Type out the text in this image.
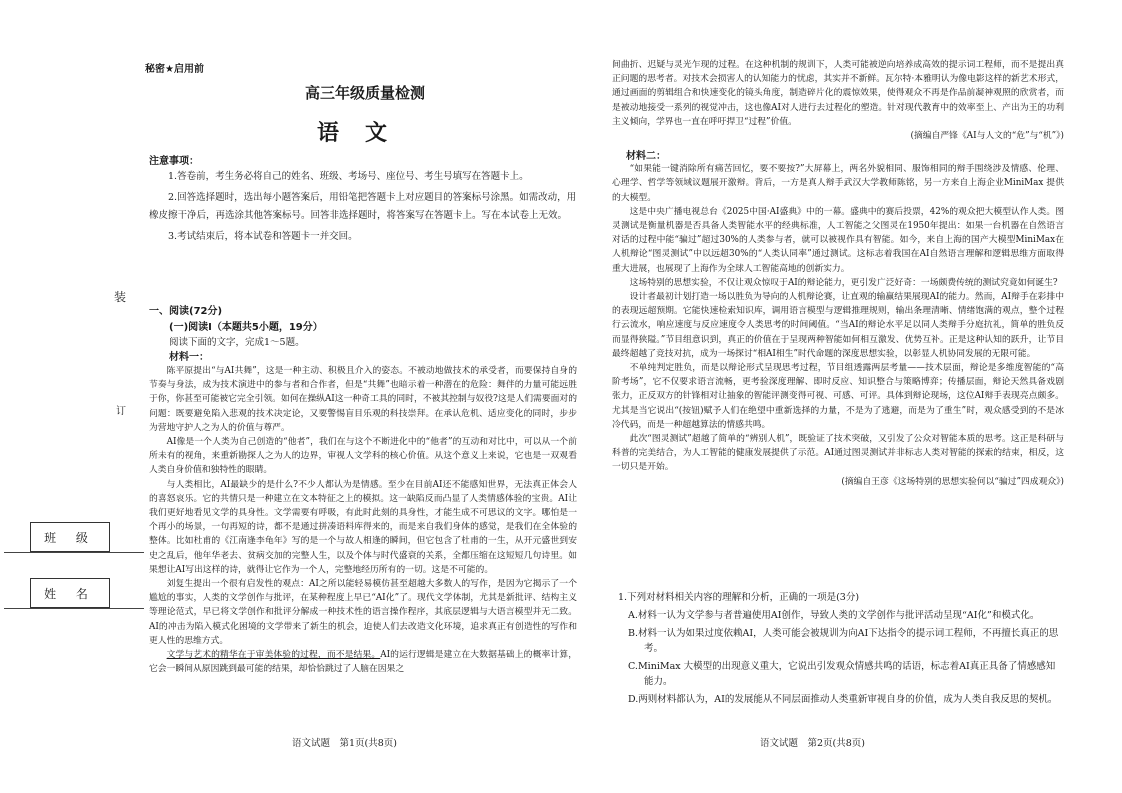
装
订
班 级
姓 名
秘密★启用前
高三年级质量检测
语文
注意事项：

1.答卷前，考生务必将自己的姓名、班级、考场号、座位号、考生号填写在答题卡上。

2.回答选择题时，选出每小题答案后，用铅笔把答题卡上对应题目的答案标号涂黑。如需改动，用橡皮擦干净后，再选涂其他答案标号。回答非选择题时，将答案写在答题卡上。写在本试卷上无效。

3.考试结束后，将本试卷和答题卡一并交回。

一、阅读(72分)
(一)阅读I（本题共5小题，19分）
阅读下面的文字，完成1～5题。
材料一：

陈平原提出“与AI共舞”，这是一种主动、积极且介入的姿态。不被动地做技术的承受者，而要保持自身的节奏与身法，成为技术演进中的参与者和合作者，但是“共舞”也暗示着一种潜在的危险：舞伴的力量可能远胜于你，你甚至可能被它完全引领。如何在操纵AI这一种奇工具的同时，不被其控制与奴役?这是人们需要面对的问题：既要避免陷入悲观的技术决定论，又要警惕盲目乐观的科技崇拜。在承认危机、适应变化的同时，步步为营地守护人之为人的价值与尊严。

AI像是一个人类为自己创造的“他者”，我们在与这个不断进化中的“他者”的互动和对比中，可以从一个前所未有的视角，来重新勘探人之为人的边界，审视人文学科的核心价值。从这个意义上来说，它也是一双观看人类自身价值和独特性的眼睛。

与人类相比，AI最缺少的是什么?不少人都认为是情感。至少在目前AI还不能感知世界，无法真正体会人的喜怒哀乐。它的共情只是一种建立在文本特征之上的模拟。这一缺陷反而凸显了人类情感体验的宝贵。AI让我们更好地看见文学的具身性。文学需要有呼吸，有此时此刻的具身性，才能生成不可思议的文字。哪怕是一个再小的场景，一句再短的诗，都不是通过拼凑语料库得来的，而是来自我们身体的感觉，是我们在全体验的整体。比如杜甫的《江南逢李龟年》写的是一个与故人相逢的瞬间，但它包含了杜甫的一生，从开元盛世到安史之乱后，他年华老去、贫病交加的完整人生，以及个体与时代盛衰的关系，全都压缩在这短短几句诗里。如果想让AI写出这样的诗，就得让它作为一个人，完整地经历所有的一切。这是不可能的。

刘复生提出一个很有启发性的观点：AI之所以能轻易模仿甚至超越大多数人的写作，是因为它揭示了一个尴尬的事实，人类的文学创作与批评，在某种程度上早已“AI化”了。现代文学体制，尤其是新批评、结构主义等理论范式，早已将文学创作和批评分解成一种技术性的语言操作程序，其底层逻辑与大语言模型并无二致。AI的冲击为陷入模式化困境的文学带来了新生的机会，迫使人们去改造文化环境，追求真正有创造性的写作和更人性的思维方式。

文学与艺术的精华在于审美体验的过程，而不是结果。AI的运行逻辑是建立在大数据基础上的概率计算，它会一瞬间从原因跳到最可能的结果，却恰恰跳过了人脑在因果之

语文试题　第1页(共8页)

间曲折、迟疑与灵光乍现的过程。在这种机制的规训下，人类可能被逆向培养成高效的提示词工程师，而不是提出真正问题的思考者。对技术会损害人的认知能力的忧虑，其实并不新鲜。瓦尔特·本雅明认为像电影这样的新艺术形式，通过画面的剪辑组合和快速变化的镜头角度，制造碎片化的震惊效果，使得观众不再是作品前凝神观照的欣赏者，而是被动地接受一系列的视觉冲击，这也像AI对人进行去过程化的塑造。针对现代教育中的效率至上、产出为王的功利主义倾向，学界也一直在呼吁捍卫“过程”价值。

(摘编自严锋《AI与人文的“危”与“机”》)

材料二：

“如果能一键消除所有痛苦回忆，要不要按?”大屏幕上，两名外貌相同、服饰相同的辩手围绕涉及情感、伦理、心理学、哲学等领域议题展开激辩。背后，一方是真人辩手武汉大学教师陈铭，另一方来自上海企业MiniMax 提供的大模型。

这是中央广播电视总台《2025中国·AI盛典》中的一幕。盛典中的赛后投票，42%的观众把大模型认作人类。图灵测试是衡量机器是否具备人类智能水平的经典标准，人工智能之父图灵在1950年提出：如果一台机器在自然语言对话的过程中能“骗过”超过30%的人类参与者，就可以被视作具有智能。如今，来自上海的国产大模型MiniMax在人机辩论“图灵测试”中以远超30%的“人类认同率”通过测试。这标志着我国在AI自然语言理解和逻辑思维方面取得重大进展，也展现了上海作为全球人工智能高地的创新实力。

这场特别的思想实验，不仅让观众惊叹于AI的辩论能力，更引发广泛好奇：一场颇费传统的测试究竟如何诞生?

设计者最初计划打造一场以胜负为导向的人机辩论赛，让直观的输赢结果展现AI的能力。然而，AI辩手在彩排中的表现远超预期。它能快速检索知识库，调用语言模型与逻辑推理规则，输出条理清晰、情绪饱满的观点，整个过程行云流水，响应速度与反应速度令人类思考的时间阈值。“当AI的辩论水平足以同人类辩手分庭抗礼，简单的胜负反而显得狭隘。”节目组意识到，真正的价值在于呈现两种智能如何相互激发、优势互补。正是这种认知的跃升，让节目最终超越了竞技对抗，成为一场探讨“相AI相生”时代命题的深度思想实验，以彰显人机协同发展的无限可能。

不单纯判定胜负，而是以辩论形式呈现思考过程，节目组透露两层考量——技术层面，辩论是多维度智能的“高阶考场”，它不仅要求语言流畅，更考验深度理解、即时反应、知识整合与策略博弈；传播层面，辩论天然具备戏剧张力，正反双方的针锋相对让抽象的智能评测变得可视、可感、可评。具体到辩论现场，这位AI辩手表现亮点颇多。尤其是当它说出“(按钮)赋予人们在绝望中重新选择的力量，不是为了逃避，而是为了重生”时，观众感受到的不是冰冷代码，而是一种超越算法的情感共鸣。

此次“图灵测试”超越了简单的“辨别人机”，既验证了技术突破，又引发了公众对智能本质的思考。这正是科研与科普的完美结合，为人工智能的健康发展提供了示范。AI通过图灵测试并非标志人类对智能的探索的结束，相反，这一切只是开始。

(摘编自王彦《这场特别的思想实验何以“骗过”四成观众》)

1.下列对材料相关内容的理解和分析，正确的一项是(3分)

A.材料一认为文学参与者普遍使用AI创作，导致人类的文学创作与批评活动呈现“AI化”和模式化。

B.材料一认为如果过度依赖AI，人类可能会被规训为向AI下达指令的提示词工程师，不再擅长真正的思考。

C.MiniMax 大模型的出现意义重大，它说出引发观众情感共鸣的话语，标志着AI真正具备了情感感知能力。

D.两则材料都认为，AI的发展能从不同层面推动人类重新审视自身的价值，成为人类自我反思的契机。

语文试题　第2页(共8页)
